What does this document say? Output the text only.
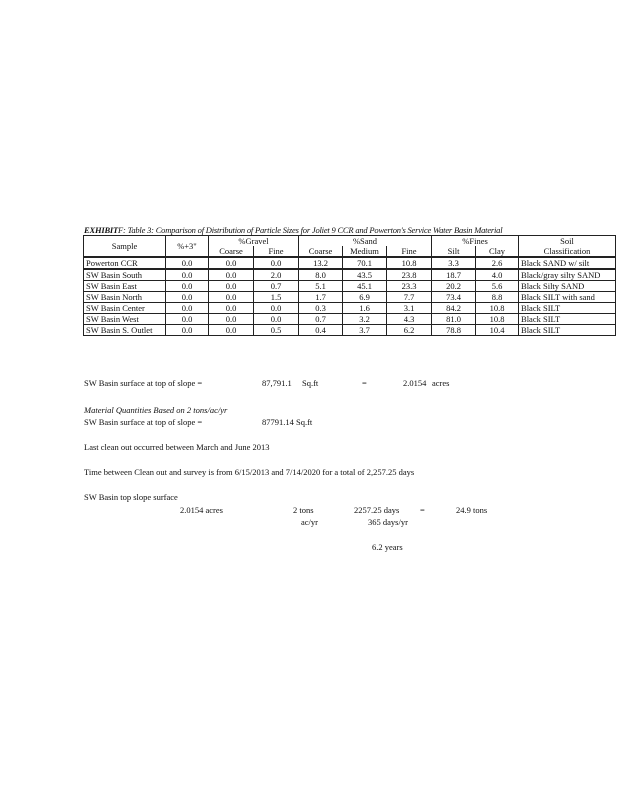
EXHIBITF: Table 3: Comparison of Distribution of Particle Sizes for Joliet 9 CCR and Powerton's Service Water Basin Material
Sample	%+3"	%Gravel		%Sand			%Fines		Soil
		Coarse	Fine	Coarse	Medium	Fine	Silt	Clay	Classification
Powerton CCR	0.0	0.0	0.0	13.2	70.1	10.8	3.3	2.6	Black SAND w/ silt
SW Basin South	0.0	0.0	2.0	8.0	43.5	23.8	18.7	4.0	Black/gray silty SAND
SW Basin East	0.0	0.0	0.7	5.1	45.1	23.3	20.2	5.6	Black Silty SAND
SW Basin North	0.0	0.0	1.5	1.7	6.9	7.7	73.4	8.8	Black SILT with sand
SW Basin Center	0.0	0.0	0.0	0.3	1.6	3.1	84.2	10.8	Black SILT
SW Basin West	0.0	0.0	0.0	0.7	3.2	4.3	81.0	10.8	Black SILT
SW Basin S. Outlet	0.0	0.0	0.5	0.4	3.7	6.2	78.8	10.4	Black SILT
SW Basin surface at top of slope =	87,791.1 Sq.ft	=	2.0154 acres
Material Quantities Based on 2 tons/ac/yr
SW Basin surface at top of slope =	87791.14 Sq.ft
Last clean out occurred between March and June 2013
Time between Clean out and survey is from 6/15/2013 and 7/14/2020 for a total of 2,257.25 days
SW Basin top slope surface
2.0154 acres	2 tons
ac/yr
2257.25 days
365 days/yr
=	24.9 tons
6.2 years
